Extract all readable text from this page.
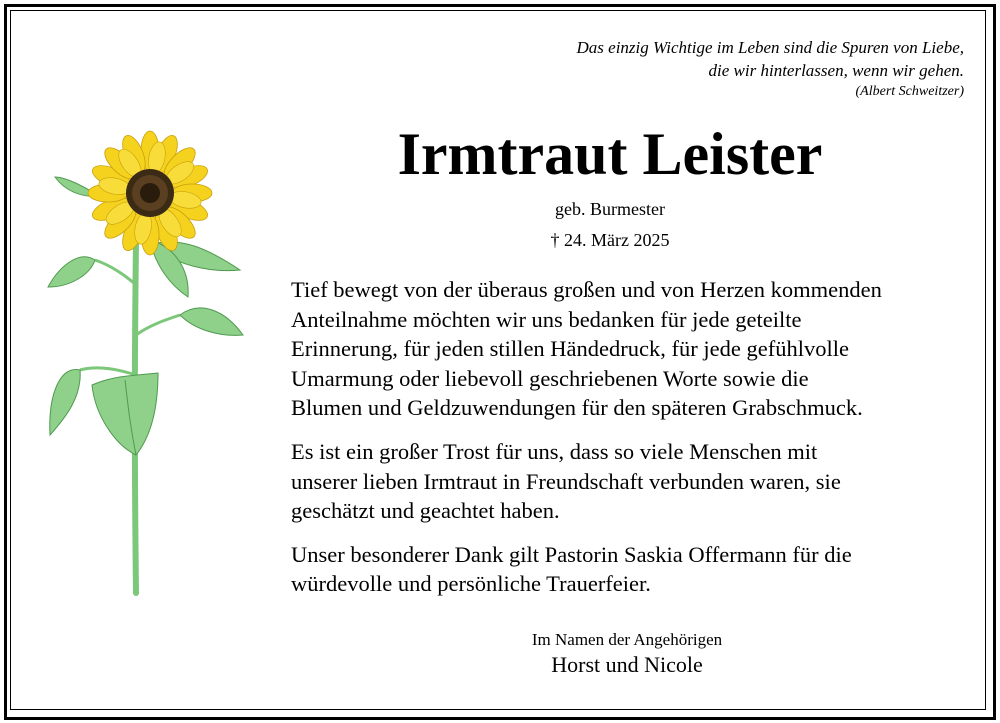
Das einzig Wichtige im Leben sind die Spuren von Liebe,
die wir hinterlassen, wenn wir gehen.
(Albert Schweitzer)
Irmtraut Leister
geb. Burmester
† 24. März 2025

Tief bewegt von der überaus großen und von Herzen kommenden
Anteilnahme möchten wir uns bedanken für jede geteilte
Erinnerung, für jeden stillen Händedruck, für jede gefühlvolle
Umarmung oder liebevoll geschriebenen Worte sowie die
Blumen und Geldzuwendungen für den späteren Grabschmuck.

Es ist ein großer Trost für uns, dass so viele Menschen mit
unserer lieben Irmtraut in Freundschaft verbunden waren, sie
geschätzt und geachtet haben.

Unser besonderer Dank gilt Pastorin Saskia Offermann für die
würdevolle und persönliche Trauerfeier.

Im Namen der Angehörigen
Horst und Nicole
